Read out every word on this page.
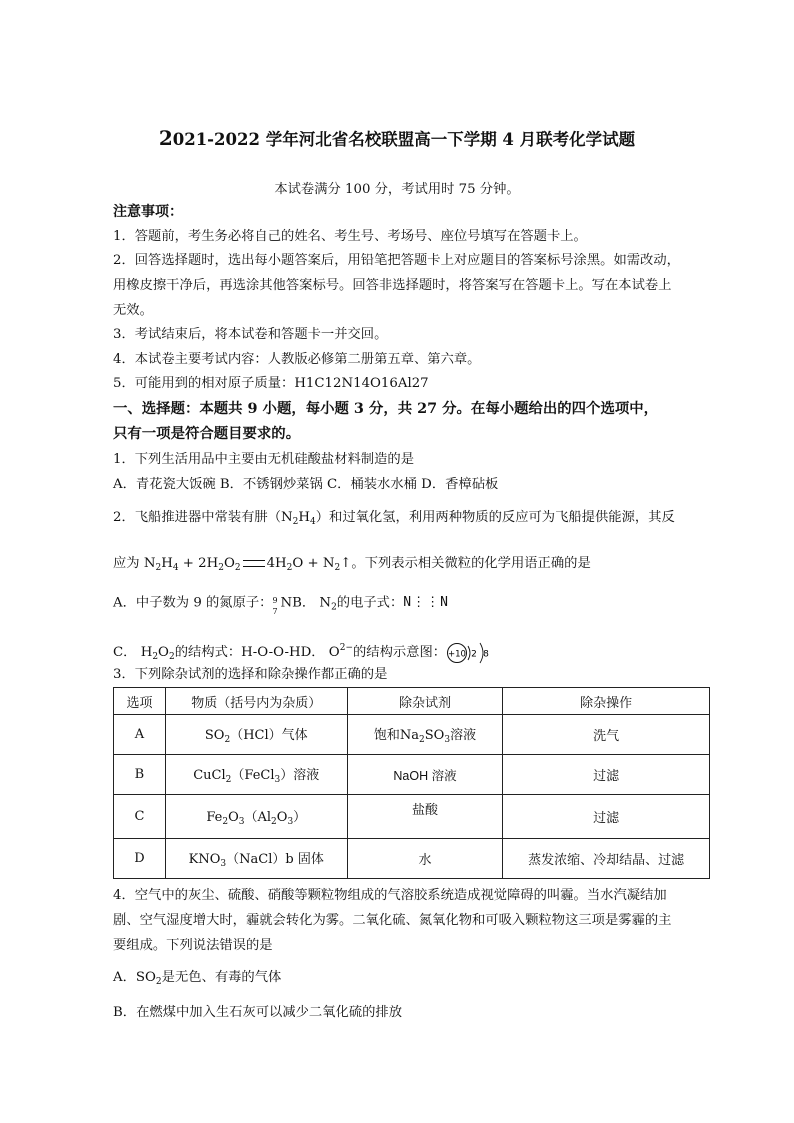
2021-2022 学年河北省名校联盟高一下学期 4 月联考化学试题
本试卷满分 100 分，考试用时 75 分钟。
注意事项：
1．答题前，考生务必将自己的姓名、考生号、考场号、座位号填写在答题卡上。
2．回答选择题时，选出每小题答案后，用铅笔把答题卡上对应题目的答案标号涂黑。如需改动，
用橡皮擦干净后，再选涂其他答案标号。回答非选择题时，将答案写在答题卡上。写在本试卷上
无效。
3．考试结束后，将本试卷和答题卡一并交回。
4．本试卷主要考试内容：人教版必修第二册第五章、第六章。
5．可能用到的相对原子质量：H1C12N14O16Al27
一、选择题：本题共 9 小题，每小题 3 分，共 27 分。在每小题给出的四个选项中，
只有一项是符合题目要求的。
1．下列生活用品中主要由无机硅酸盐材料制造的是
A．青花瓷大饭碗 B．不锈钢炒菜锅 C．桶装水水桶 D．香樟砧板
2．飞船推进器中常装有肼$(N_2H_4)$和过氧化氢，利用两种物质的反应可为飞船提供能源，其反
应为 $N_2H_4 + 2H_2O_2$ $4H_2O$ + $N_2↑$。下列表示相关微粒的化学用语正确的是
A．中子数为 9 的氮原子： 9
7
NB． $N_2$的电子式：N⋮⋮N
C． $H_2O_2$的结构式：H-O-O-HD． $O^{2-}$的结构示意图： +10 2 8
3．下列除杂试剂的选择和除杂操作都正确的是
选项	物质（括号内为杂质）	除杂试剂	除杂操作
A	$SO_2(HCl)$气体	饱和$Na_2SO_3$溶液	洗气
B	CuCl$_2$（FeCl$_3$）溶液	NaOH 溶液	过滤
C	$Fe_2O_3(Al_2O_3)$	盐酸	过滤
D	$KNO_3(NaCl)b$ 固体	水	蒸发浓缩、冷却结晶、过滤
4．空气中的灰尘、硫酸、硝酸等颗粒物组成的气溶胶系统造成视觉障碍的叫霾。当水汽凝结加
剧、空气湿度增大时，霾就会转化为雾。二氧化硫、氮氧化物和可吸入颗粒物这三项是雾霾的主
要组成。下列说法错误的是
A．$SO_2$是无色、有毒的气体
B．在燃煤中加入生石灰可以减少二氧化硫的排放
